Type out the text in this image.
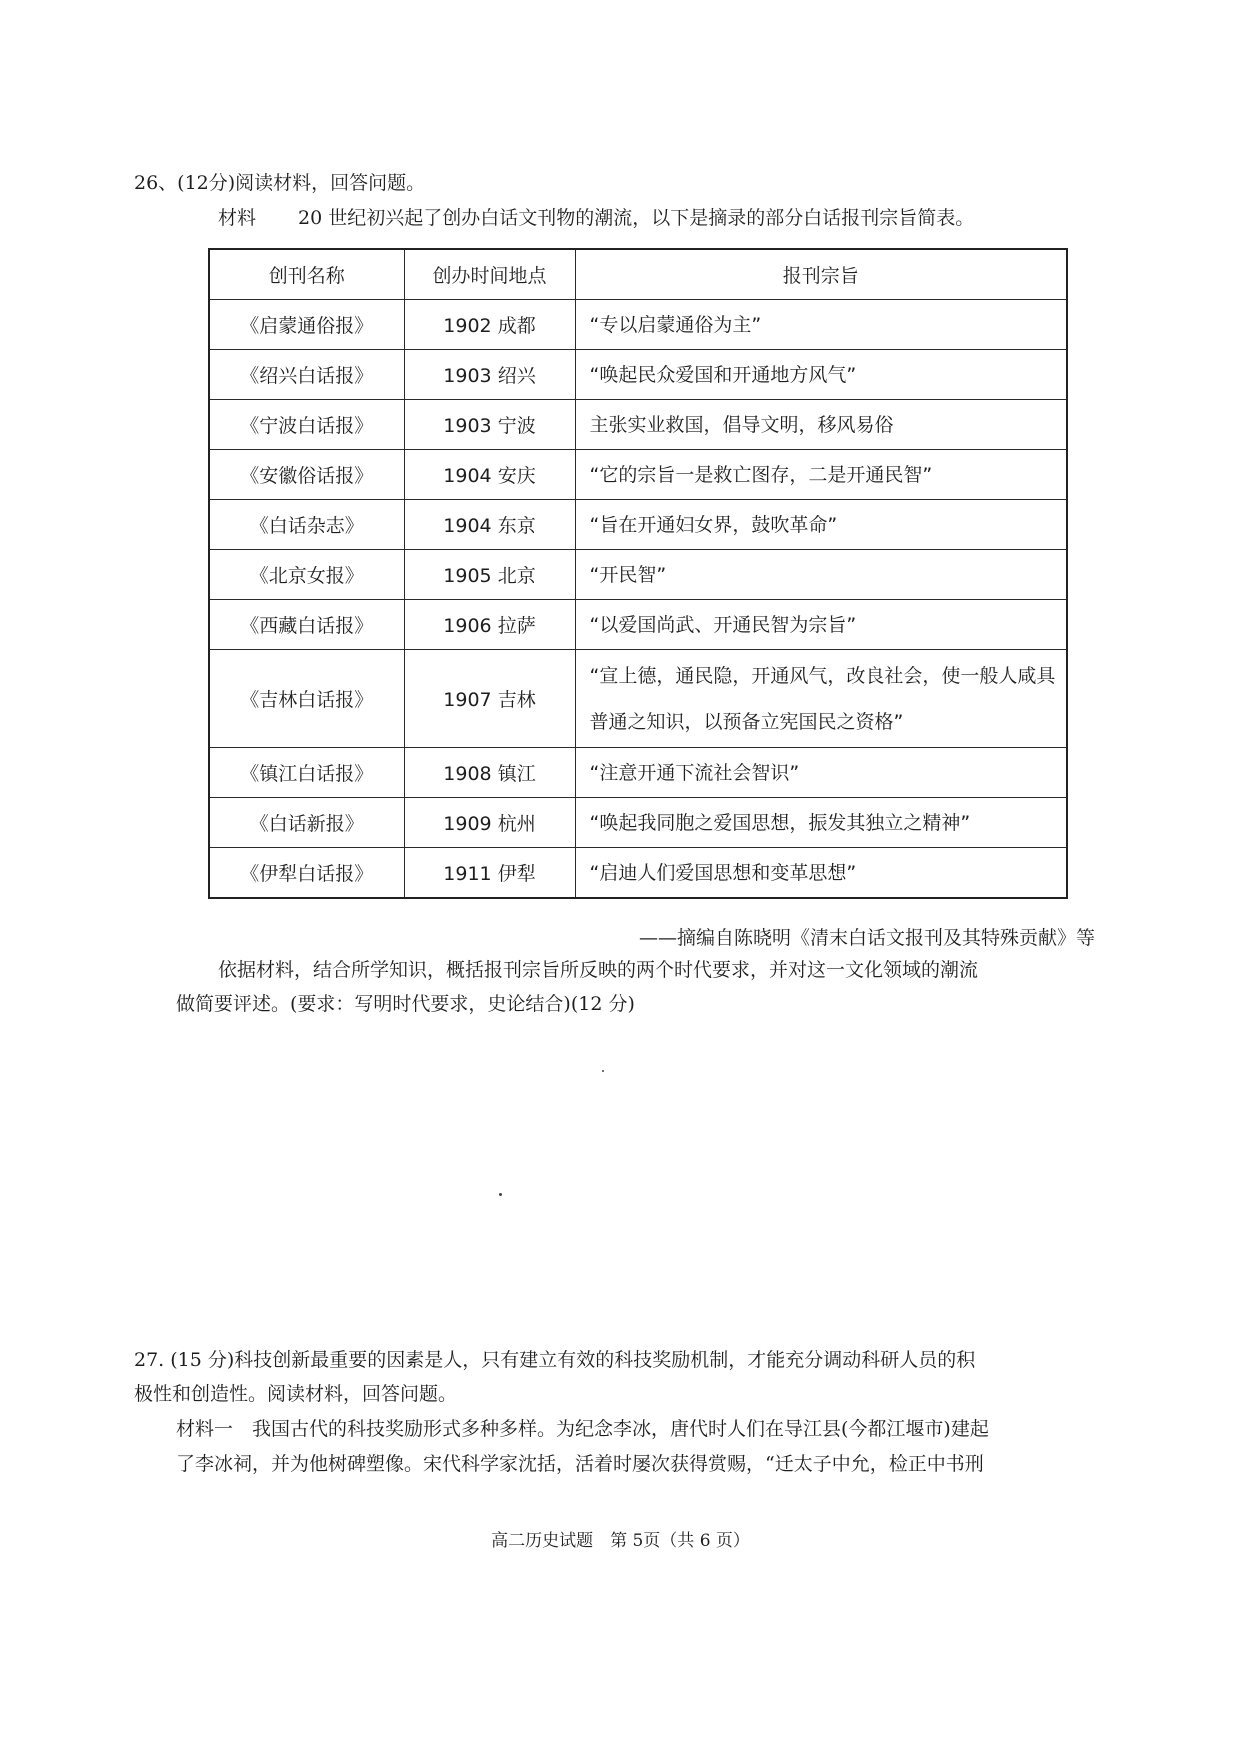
26、(12分)阅读材料，回答问题。
材料 20 世纪初兴起了创办白话文刊物的潮流，以下是摘录的部分白话报刊宗旨简表。
创刊名称	创办时间地点	报刊宗旨
《启蒙通俗报》	1902 成都	“专以启蒙通俗为主”
《绍兴白话报》	1903 绍兴	“唤起民众爱国和开通地方风气”
《宁波白话报》	1903 宁波	主张实业救国，倡导文明，移风易俗
《安徽俗话报》	1904 安庆	“它的宗旨一是救亡图存，二是开通民智”
《白话杂志》	1904 东京	“旨在开通妇女界，鼓吹革命”
《北京女报》	1905 北京	“开民智”
《西藏白话报》	1906 拉萨	“以爱国尚武、开通民智为宗旨”
《吉林白话报》	1907 吉林	“宣上德，通民隐，开通风气，改良社会，使一般人咸具普通之知识，以预备立宪国民之资格”
《镇江白话报》	1908 镇江	“注意开通下流社会智识”
《白话新报》	1909 杭州	“唤起我同胞之爱国思想，振发其独立之精神”
《伊犁白话报》	1911 伊犁	“启迪人们爱国思想和变革思想”
——摘编自陈晓明《清末白话文报刊及其特殊贡献》等
依据材料，结合所学知识，概括报刊宗旨所反映的两个时代要求，并对这一文化领域的潮流
做简要评述。(要求：写明时代要求，史论结合)(12 分)
27. (15 分)科技创新最重要的因素是人，只有建立有效的科技奖励机制，才能充分调动科研人员的积
极性和创造性。阅读材料，回答问题。
材料一　我国古代的科技奖励形式多种多样。为纪念李冰，唐代时人们在导江县(今都江堰市)建起
了李冰祠，并为他树碑塑像。宋代科学家沈括，活着时屡次获得赏赐，“迁太子中允，检正中书刑
高二历史试题　第 5页（共 6 页）
